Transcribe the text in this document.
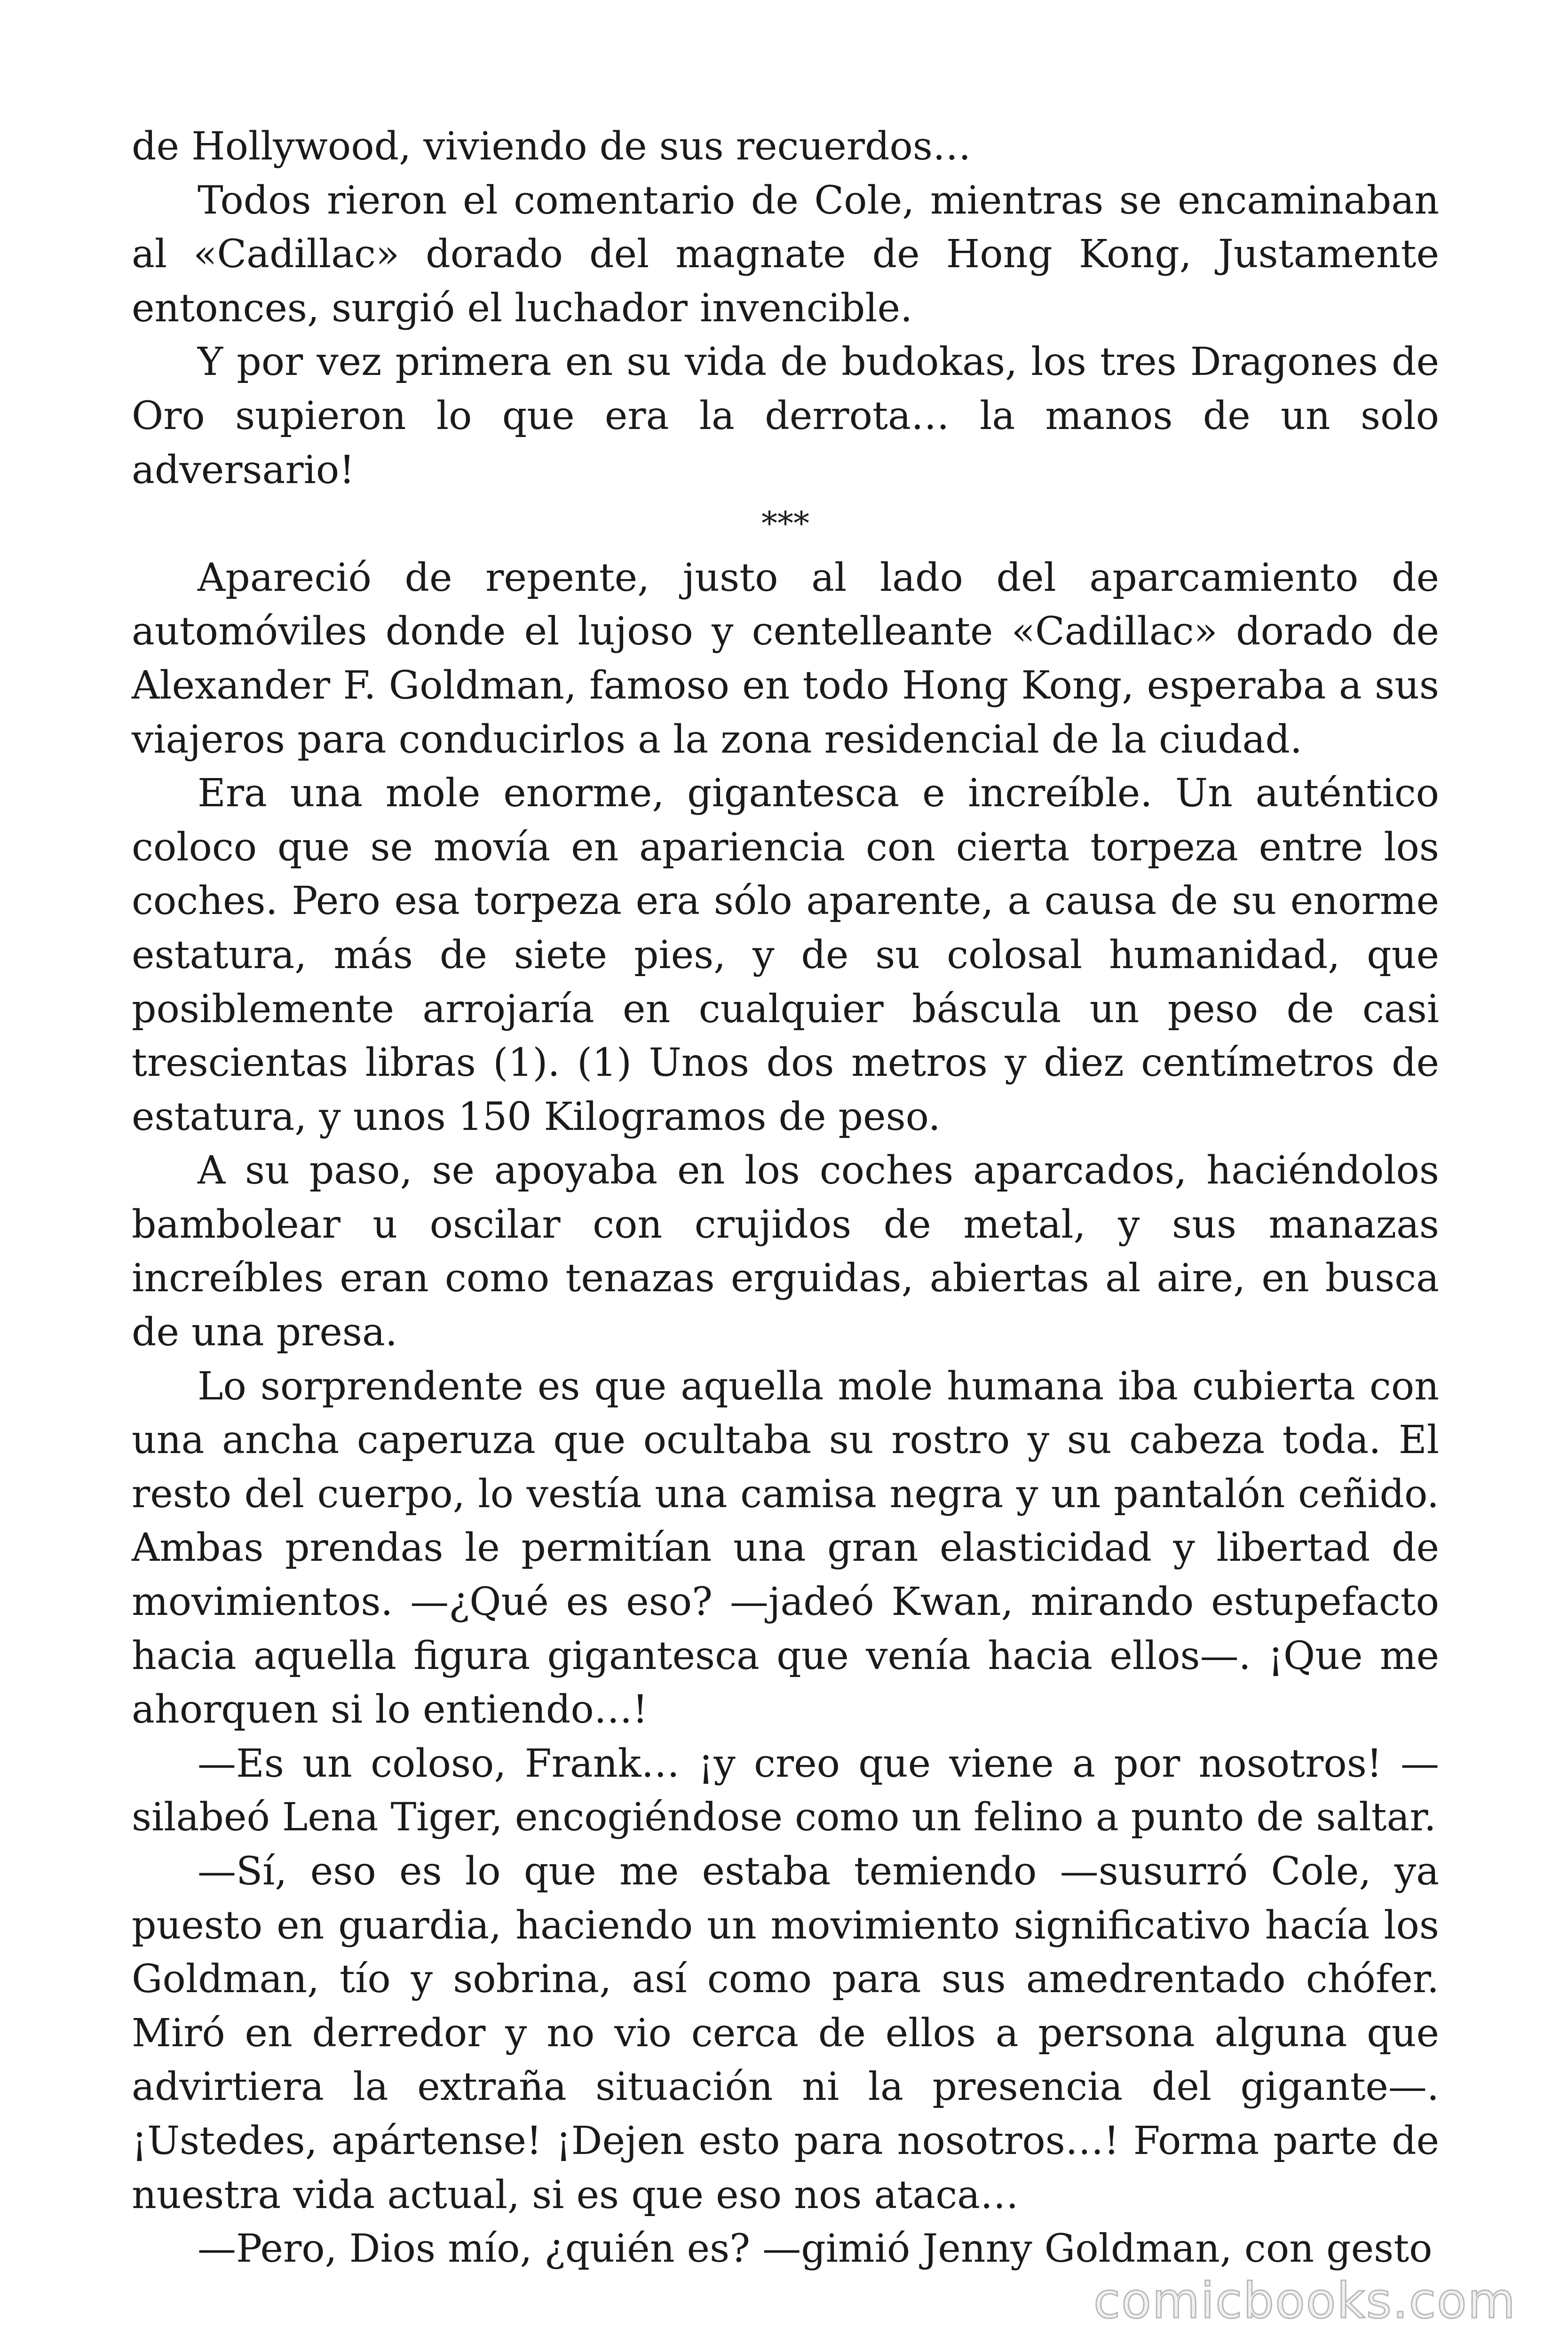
de Hollywood, viviendo de sus recuerdos…

Todos rieron el comentario de Cole, mientras se encaminaban al «Cadillac» dorado del magnate de Hong Kong, Justamente entonces, surgió el luchador invencible.

Y por vez primera en su vida de budokas, los tres Dragones de Oro supieron lo que era la derrota… la manos de un solo adversario!

***

Apareció de repente, justo al lado del aparcamiento de automóviles donde el lujoso y centelleante «Cadillac» dorado de Alexander F. Goldman, famoso en todo Hong Kong, esperaba a sus viajeros para conducirlos a la zona residencial de la ciudad.

Era una mole enorme, gigantesca e increíble. Un auténtico coloco que se movía en apariencia con cierta torpeza entre los coches. Pero esa torpeza era sólo aparente, a causa de su enorme estatura, más de siete pies, y de su colosal humanidad, que posiblemente arrojaría en cualquier báscula un peso de casi trescientas libras (1). (1) Unos dos metros y diez centímetros de estatura, y unos 150 Kilogramos de peso.

A su paso, se apoyaba en los coches aparcados, haciéndolos bambolear u oscilar con crujidos de metal, y sus manazas increíbles eran como tenazas erguidas, abiertas al aire, en busca de una presa.

Lo sorprendente es que aquella mole humana iba cubierta con una ancha caperuza que ocultaba su rostro y su cabeza toda. El resto del cuerpo, lo vestía una camisa negra y un pantalón ceñido. Ambas prendas le permitían una gran elasticidad y libertad de movimientos. —¿Qué es eso? —jadeó Kwan, mirando estupefacto hacia aquella figura gigantesca que venía hacia ellos—. ¡Que me ahorquen si lo entiendo…!

—Es un coloso, Frank… ¡y creo que viene a por nosotros! —silabeó Lena Tiger, encogiéndose como un felino a punto de saltar.

—Sí, eso es lo que me estaba temiendo —susurró Cole, ya puesto en guardia, haciendo un movimiento significativo hacía los Goldman, tío y sobrina, así como para sus amedrentado chófer. Miró en derredor y no vio cerca de ellos a persona alguna que advirtiera la extraña situación ni la presencia del gigante—. ¡Ustedes, apártense! ¡Dejen esto para nosotros…! Forma parte de nuestra vida actual, si es que eso nos ataca…

—Pero, Dios mío, ¿quién es? —gimió Jenny Goldman, con gesto

comicbooks.com
